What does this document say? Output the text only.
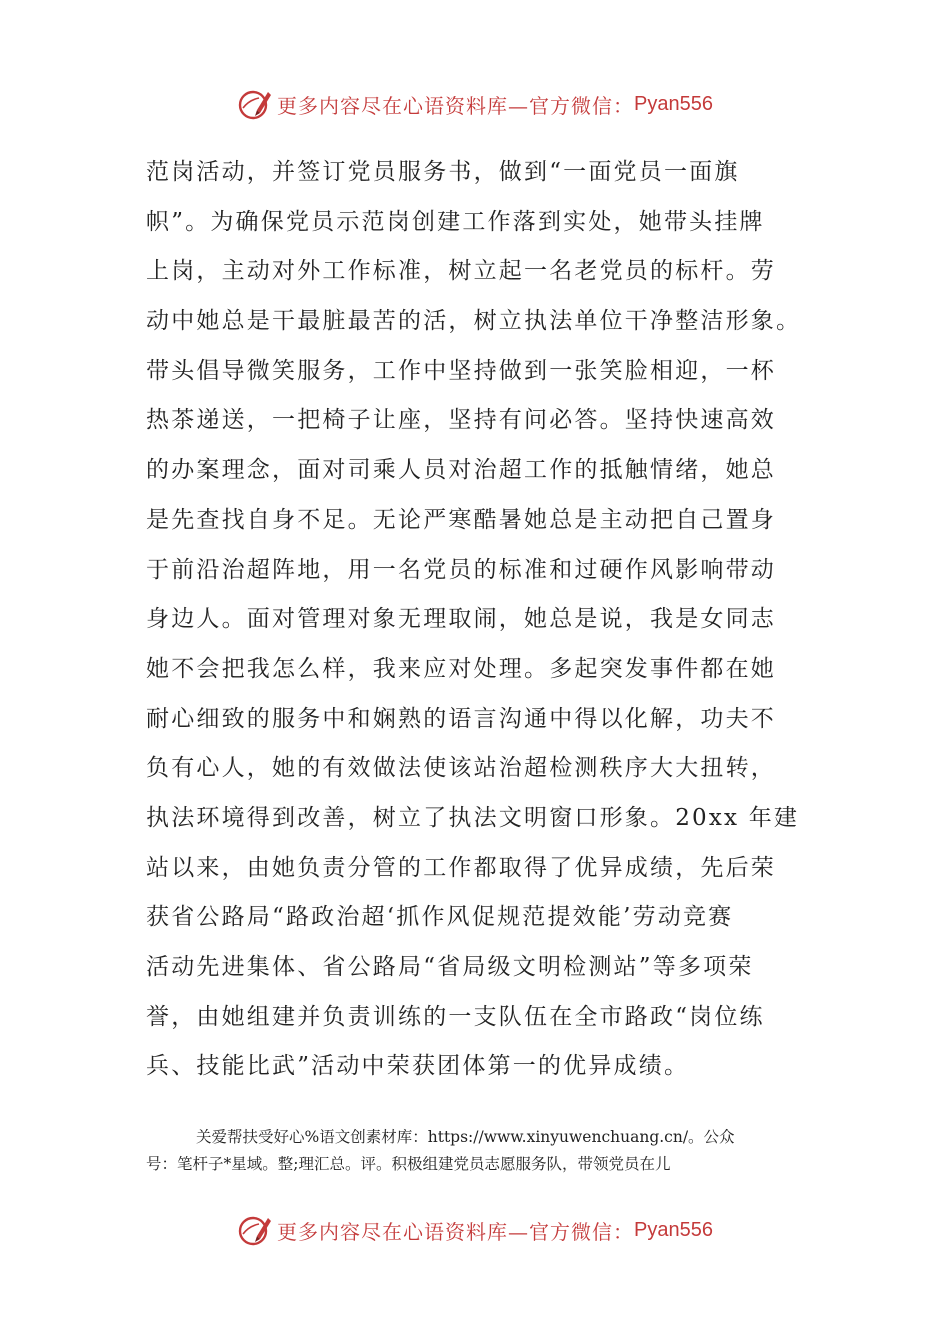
更多内容尽在心语资料库—官方微信： Pyan556
范岗活动，并签订党员服务书，做到“一面党员一面旗
帜”。为确保党员示范岗创建工作落到实处，她带头挂牌
上岗，主动对外工作标准，树立起一名老党员的标杆。劳
动中她总是干最脏最苦的活，树立执法单位干净整洁形象。
带头倡导微笑服务，工作中坚持做到一张笑脸相迎，一杯
热茶递送，一把椅子让座，坚持有问必答。坚持快速高效
的办案理念，面对司乘人员对治超工作的抵触情绪，她总
是先查找自身不足。无论严寒酷暑她总是主动把自己置身
于前沿治超阵地，用一名党员的标准和过硬作风影响带动
身边人。面对管理对象无理取闹，她总是说，我是女同志
她不会把我怎么样，我来应对处理。多起突发事件都在她
耐心细致的服务中和娴熟的语言沟通中得以化解，功夫不
负有心人，她的有效做法使该站治超检测秩序大大扭转，
执法环境得到改善，树立了执法文明窗口形象。20xx 年建
站以来，由她负责分管的工作都取得了优异成绩，先后荣
获省公路局“路政治超‘抓作风促规范提效能’劳动竞赛
活动先进集体、省公路局“省局级文明检测站”等多项荣
誉，由她组建并负责训练的一支队伍在全市路政“岗位练
兵、技能比武”活动中荣获团体第一的优异成绩。
关爱帮扶受好心%语文创素材库：https://www.xinyuwenchuang.cn/。公众
号：笔杆子*星域。整;理汇总。评。积极组建党员志愿服务队，带领党员在儿
更多内容尽在心语资料库—官方微信： Pyan556
